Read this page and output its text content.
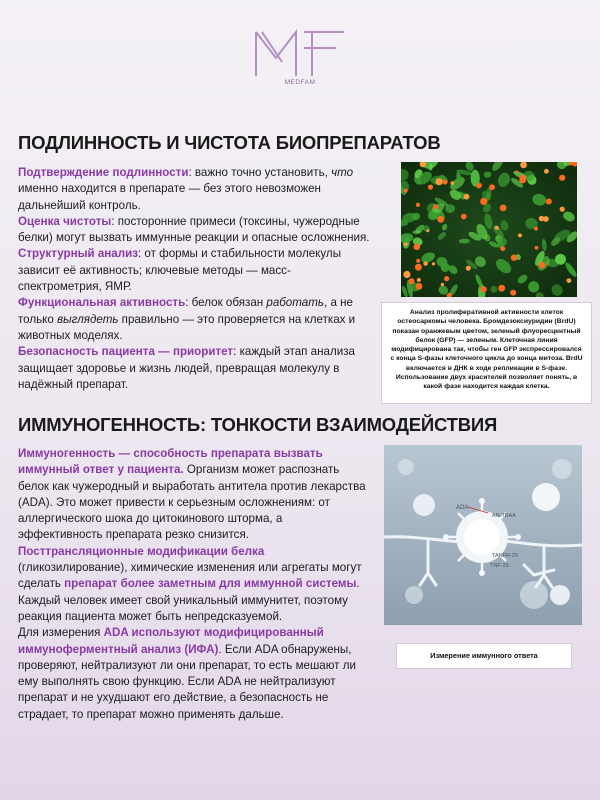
MEDFAM
ПОДЛИННОСТЬ И ЧИСТОТА БИОПРЕПАРАТОВ

Подтверждение подлинности: важно точно установить, что именно находится в препарате — без этого невозможен дальнейший контроль.

Оценка чистоты: посторонние примеси (токсины, чужеродные белки) могут вызвать иммунные реакции и опасные осложнения.

Структурный анализ: от формы и стабильности молекулы зависит её активность; ключевые методы — масс-спектрометрия, ЯМР.

Функциональная активность: белок обязан работать, а не только выглядеть правильно — это проверяется на клетках и животных моделях.

Безопасность пациента — приоритет: каждый этап анализа защищает здоровье и жизнь людей, превращая молекулу в надёжный препарат.

Анализ пролиферативной активности клеток остеосаркомы человека. Бромдезоксиуридин (BrdU) показан оранжевым цветом, зеленый флуоресцентный белок (GFP) — зеленым. Клеточная линия модифицирована так, чтобы ген GFP экспрессировался с конца S-фазы клеточного цикла до конца митоза. BrdU включается в ДНК в ходе репликации в S-фазе. Использование двух красителей позволяет понять, в какой фазе находится каждая клетка.
ИММУНОГЕННОСТЬ: ТОНКОСТИ ВЗАИМОДЕЙСТВИЯ

Иммуногенность — способность препарата вызвать иммунный ответ у пациента. Организм может распознать белок как чужеродный и выработать антитела против лекарства (ADA). Это может привести к серьезным осложнениям: от аллергического шока до цитокинового шторма, а эффективность препарата резко снизится.

Посттрансляционные модификации белка (гликозилирование), химические изменения или агрегаты могут сделать препарат более заметным для иммунной системы. Каждый человек имеет свой уникальный иммунитет, поэтому реакция пациента может быть непредсказуемой.

Для измерения ADA используют модифицированный иммуноферментный анализ (ИФА). Если ADA обнаружены, проверяют, нейтрализуют ли они препарат, то есть мешают ли ему выполнять свою функцию. Если ADA не нейтрализуют препарат и не ухудшают его действие, а безопасность не страдает, то препарат можно применять дальше.

ADA
AN-TBAA
TANFR-25
TNF-25
Измерение иммунного ответа
